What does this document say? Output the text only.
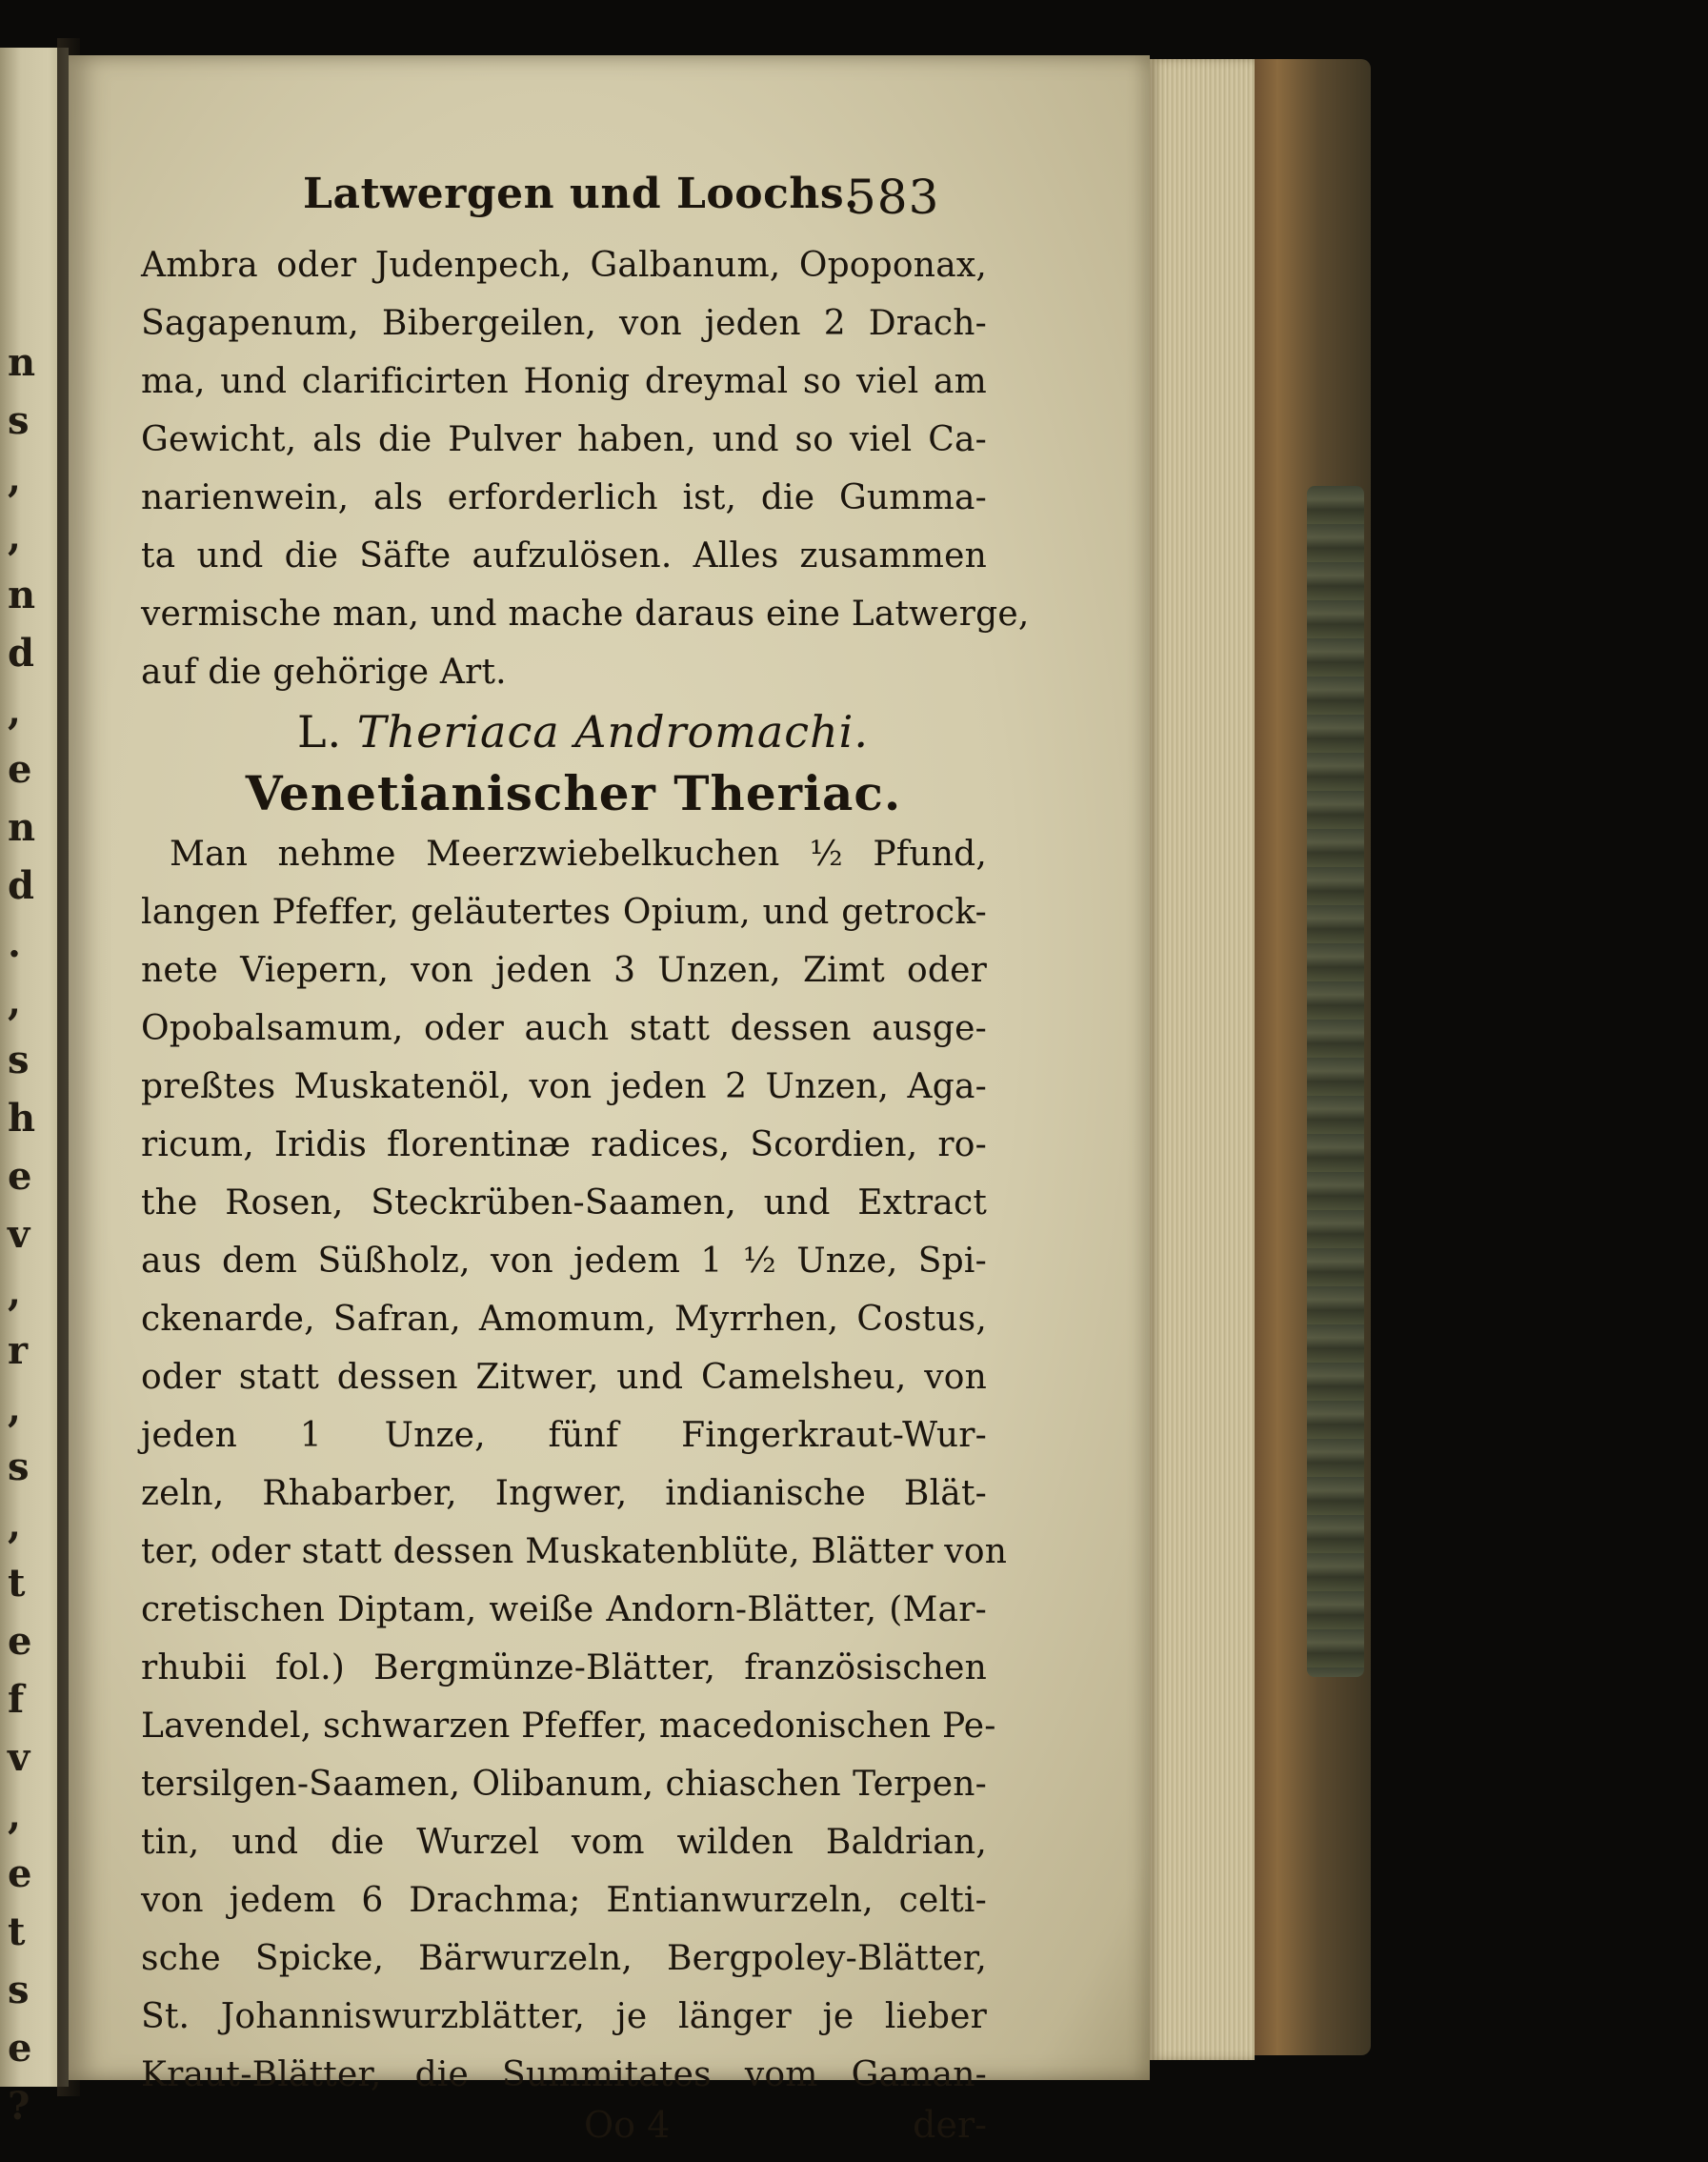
n
s
,
,
n
d
,
e
n
d
.
,
s
h
e
v
,
r
,
s
,
t
e
f
v
,
e
t
s
e
?
Latwergen und Loochs.
583
Ambra oder Judenpech, Galbanum, Opoponax,
Sagapenum, Bibergeilen, von jeden 2 Drach-
ma, und clarificirten Honig dreymal so viel am
Gewicht, als die Pulver haben, und so viel Ca-
narienwein, als erforderlich ist, die Gumma-
ta und die Säfte aufzulösen. Alles zusammen
vermische man, und mache daraus eine Latwerge,
auf die gehörige Art.
L. Theriaca Andromachi.
Venetianischer Theriac.
Man nehme Meerzwiebelkuchen ½ Pfund,
langen Pfeffer, geläutertes Opium, und getrock-
nete Viepern, von jeden 3 Unzen, Zimt oder
Opobalsamum, oder auch statt dessen ausge-
preßtes Muskatenöl, von jeden 2 Unzen, Aga-
ricum, Iridis florentinæ radices, Scordien, ro-
the Rosen, Steckrüben-Saamen, und Extract
aus dem Süßholz, von jedem 1 ½ Unze, Spi-
ckenarde, Safran, Amomum, Myrrhen, Costus,
oder statt dessen Zitwer, und Camelsheu, von
jeden 1 Unze, fünf Fingerkraut-Wur-
zeln, Rhabarber, Ingwer, indianische Blät-
ter, oder statt dessen Muskatenblüte, Blätter von
cretischen Diptam, weiße Andorn-Blätter, (Mar-
rhubii fol.) Bergmünze-Blätter, französischen
Lavendel, schwarzen Pfeffer, macedonischen Pe-
tersilgen-Saamen, Olibanum, chiaschen Terpen-
tin, und die Wurzel vom wilden Baldrian,
von jedem 6 Drachma; Entianwurzeln, celti-
sche Spicke, Bärwurzeln, Bergpoley-Blätter,
St. Johanniswurzblätter, je länger je lieber
Kraut-Blätter, die Summitates vom Gaman-
Oo 4	der-
